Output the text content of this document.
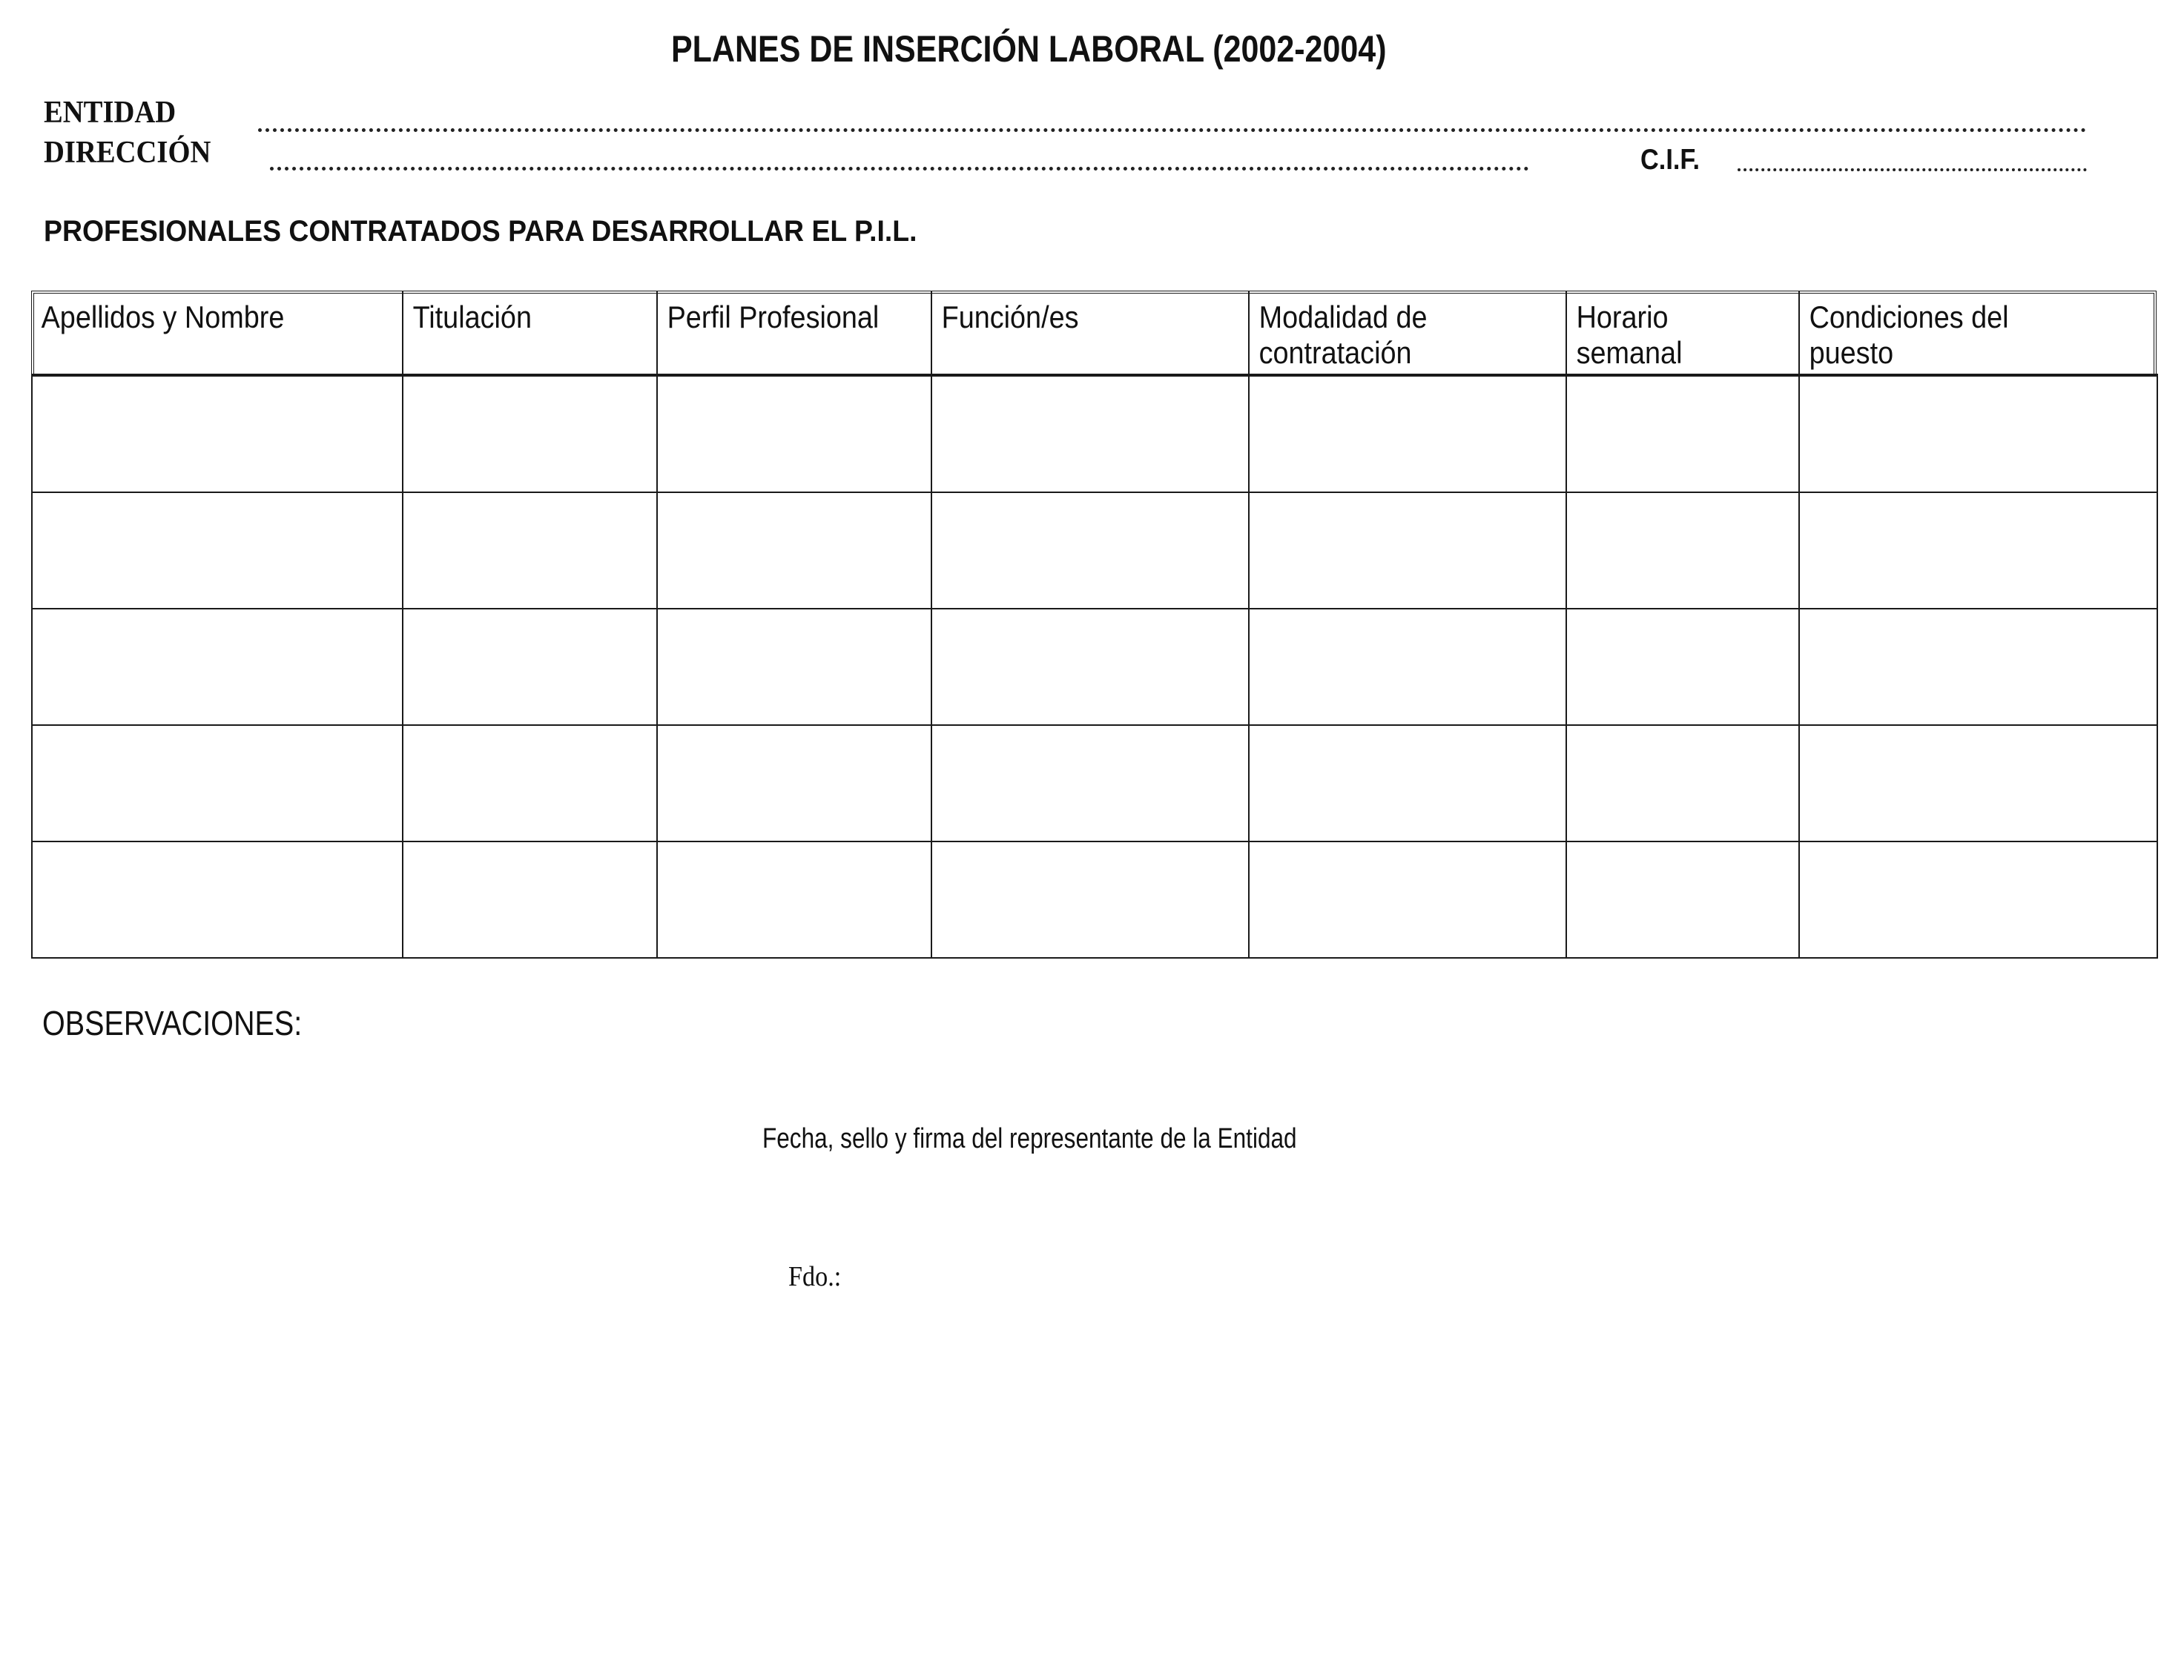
PLANES DE INSERCIÓN LABORAL (2002-2004)
ENTIDAD
DIRECCIÓN	C.I.F.
PROFESIONALES CONTRATADOS PARA DESARROLLAR EL P.I.L.
Apellidos y Nombre	Titulación	Perfil Profesional	Función/es	Modalidad de contratación	Horario semanal	Condiciones del puesto

OBSERVACIONES:
Fecha, sello y firma del representante de la Entidad
Fdo.:
